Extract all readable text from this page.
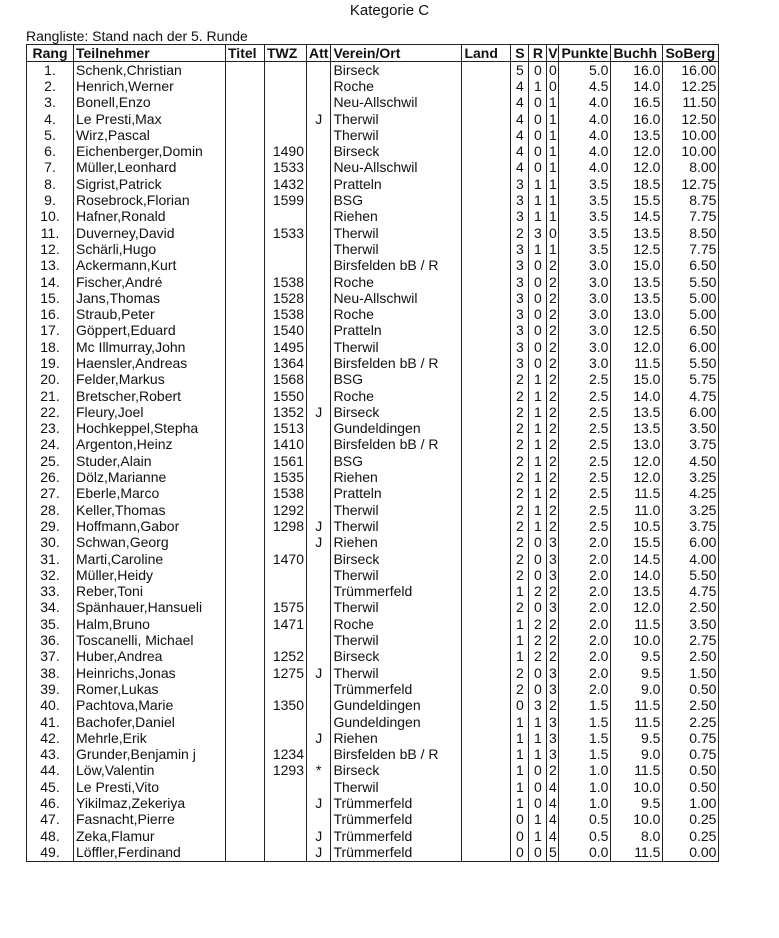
Kategorie C
Rangliste: Stand nach der 5. Runde
Rang	Teilnehmer	Titel	TWZ	Att	Verein/Ort	Land	S	R	V	Punkte	Buchh	SoBerg
1.	Schenk,Christian				Birseck		5	0	0	5.0	16.0	16.00
2.	Henrich,Werner				Roche		4	1	0	4.5	14.0	12.25
3.	Bonell,Enzo				Neu-Allschwil		4	0	1	4.0	16.5	11.50
4.	Le Presti,Max			J	Therwil		4	0	1	4.0	16.0	12.50
5.	Wirz,Pascal				Therwil		4	0	1	4.0	13.5	10.00
6.	Eichenberger,Domin		1490		Birseck		4	0	1	4.0	12.0	10.00
7.	Müller,Leonhard		1533		Neu-Allschwil		4	0	1	4.0	12.0	8.00
8.	Sigrist,Patrick		1432		Pratteln		3	1	1	3.5	18.5	12.75
9.	Rosebrock,Florian		1599		BSG		3	1	1	3.5	15.5	8.75
10.	Hafner,Ronald				Riehen		3	1	1	3.5	14.5	7.75
11.	Duverney,David		1533		Therwil		2	3	0	3.5	13.5	8.50
12.	Schärli,Hugo				Therwil		3	1	1	3.5	12.5	7.75
13.	Ackermann,Kurt				Birsfelden bB / R		3	0	2	3.0	15.0	6.50
14.	Fischer,André		1538		Roche		3	0	2	3.0	13.5	5.50
15.	Jans,Thomas		1528		Neu-Allschwil		3	0	2	3.0	13.5	5.00
16.	Straub,Peter		1538		Roche		3	0	2	3.0	13.0	5.00
17.	Göppert,Eduard		1540		Pratteln		3	0	2	3.0	12.5	6.50
18.	Mc Illmurray,John		1495		Therwil		3	0	2	3.0	12.0	6.00
19.	Haensler,Andreas		1364		Birsfelden bB / R		3	0	2	3.0	11.5	5.50
20.	Felder,Markus		1568		BSG		2	1	2	2.5	15.0	5.75
21.	Bretscher,Robert		1550		Roche		2	1	2	2.5	14.0	4.75
22.	Fleury,Joel		1352	J	Birseck		2	1	2	2.5	13.5	6.00
23.	Hochkeppel,Stepha		1513		Gundeldingen		2	1	2	2.5	13.5	3.50
24.	Argenton,Heinz		1410		Birsfelden bB / R		2	1	2	2.5	13.0	3.75
25.	Studer,Alain		1561		BSG		2	1	2	2.5	12.0	4.50
26.	Dölz,Marianne		1535		Riehen		2	1	2	2.5	12.0	3.25
27.	Eberle,Marco		1538		Pratteln		2	1	2	2.5	11.5	4.25
28.	Keller,Thomas		1292		Therwil		2	1	2	2.5	11.0	3.25
29.	Hoffmann,Gabor		1298	J	Therwil		2	1	2	2.5	10.5	3.75
30.	Schwan,Georg			J	Riehen		2	0	3	2.0	15.5	6.00
31.	Marti,Caroline		1470		Birseck		2	0	3	2.0	14.5	4.00
32.	Müller,Heidy				Therwil		2	0	3	2.0	14.0	5.50
33.	Reber,Toni				Trümmerfeld		1	2	2	2.0	13.5	4.75
34.	Spänhauer,Hansueli		1575		Therwil		2	0	3	2.0	12.0	2.50
35.	Halm,Bruno		1471		Roche		1	2	2	2.0	11.5	3.50
36.	Toscanelli, Michael				Therwil		1	2	2	2.0	10.0	2.75
37.	Huber,Andrea		1252		Birseck		1	2	2	2.0	9.5	2.50
38.	Heinrichs,Jonas		1275	J	Therwil		2	0	3	2.0	9.5	1.50
39.	Romer,Lukas				Trümmerfeld		2	0	3	2.0	9.0	0.50
40.	Pachtova,Marie		1350		Gundeldingen		0	3	2	1.5	11.5	2.50
41.	Bachofer,Daniel				Gundeldingen		1	1	3	1.5	11.5	2.25
42.	Mehrle,Erik			J	Riehen		1	1	3	1.5	9.5	0.75
43.	Grunder,Benjamin j		1234		Birsfelden bB / R		1	1	3	1.5	9.0	0.75
44.	Löw,Valentin		1293	*	Birseck		1	0	2	1.0	11.5	0.50
45.	Le Presti,Vito				Therwil		1	0	4	1.0	10.0	0.50
46.	Yikilmaz,Zekeriya			J	Trümmerfeld		1	0	4	1.0	9.5	1.00
47.	Fasnacht,Pierre				Trümmerfeld		0	1	4	0.5	10.0	0.25
48.	Zeka,Flamur			J	Trümmerfeld		0	1	4	0.5	8.0	0.25
49.	Löffler,Ferdinand			J	Trümmerfeld		0	0	5	0.0	11.5	0.00
